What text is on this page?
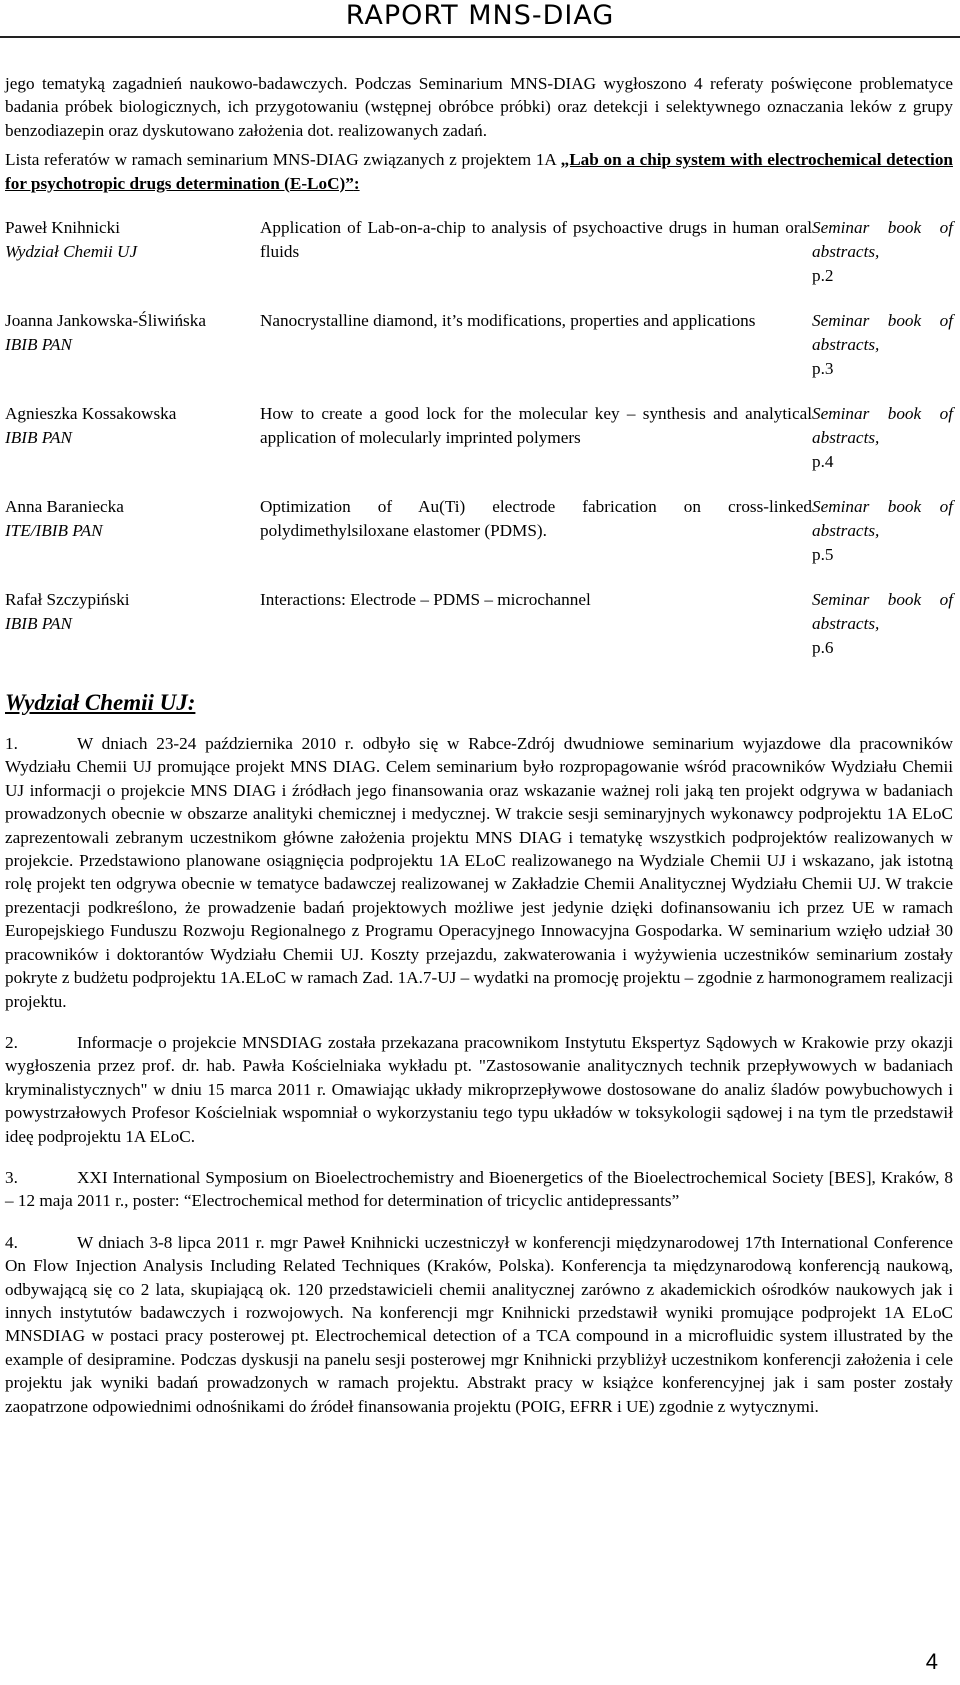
RAPORT MNS-DIAG

jego tematyką zagadnień naukowo-badawczych. Podczas Seminarium MNS-DIAG wygłoszono 4 referaty poświęcone problematyce badania próbek biologicznych, ich przygotowaniu (wstępnej obróbce próbki) oraz detekcji i selektywnego oznaczania leków z grupy benzodiazepin oraz dyskutowano założenia dot. realizowanych zadań.

Lista referatów w ramach seminarium MNS-DIAG związanych z projektem 1A „Lab on a chip system with electrochemical detection for psychotropic drugs determination (E-LoC)”:

Paweł Knihnicki
Wydział Chemii UJ	Application of Lab-on-a-chip to analysis of psychoactive drugs in human oral fluids	Seminar book of abstracts,
p.2

Joanna Jankowska-Śliwińska
IBIB PAN	Nanocrystalline diamond, it’s modifications, properties and applications	Seminar book of abstracts,
p.3

Agnieszka Kossakowska
IBIB PAN	How to create a good lock for the molecular key – synthesis and analytical application of molecularly imprinted polymers	Seminar book of abstracts,
p.4

Anna Baraniecka
ITE/IBIB PAN	Optimization of Au(Ti) electrode fabrication on cross-linked polydimethylsiloxane elastomer (PDMS).	Seminar book of abstracts,
p.5

Rafał Szczypiński
IBIB PAN	Interactions: Electrode – PDMS – microchannel	Seminar book of abstracts,
p.6
Wydział Chemii UJ:

1.	W dniach 23-24 października 2010 r. odbyło się w Rabce-Zdrój dwudniowe seminarium wyjazdowe dla pracowników Wydziału Chemii UJ promujące projekt MNS DIAG. Celem seminarium było rozpropagowanie wśród pracowników Wydziału Chemii UJ informacji o projekcie MNS DIAG i źródłach jego finansowania oraz wskazanie ważnej roli jaką ten projekt odgrywa w badaniach prowadzonych obecnie w obszarze analityki chemicznej i medycznej. W trakcie sesji seminaryjnych wykonawcy podprojektu 1A ELoC zaprezentowali zebranym uczestnikom główne założenia projektu MNS DIAG i tematykę wszystkich podprojektów realizowanych w projekcie. Przedstawiono planowane osiągnięcia podprojektu 1A ELoC realizowanego na Wydziale Chemii UJ i wskazano, jak istotną rolę projekt ten odgrywa obecnie w tematyce badawczej realizowanej w Zakładzie Chemii Analitycznej Wydziału Chemii UJ. W trakcie prezentacji podkreślono, że prowadzenie badań projektowych możliwe jest jedynie dzięki dofinansowaniu ich przez UE w ramach Europejskiego Funduszu Rozwoju Regionalnego z Programu Operacyjnego Innowacyjna Gospodarka. W seminarium wzięło udział 30 pracowników i doktorantów Wydziału Chemii UJ. Koszty przejazdu, zakwaterowania i wyżywienia uczestników seminarium zostały pokryte z budżetu podprojektu 1A.ELoC w ramach Zad. 1A.7-UJ – wydatki na promocję projektu – zgodnie z harmonogramem realizacji projektu.

2.	Informacje o projekcie MNSDIAG została przekazana pracownikom Instytutu Ekspertyz Sądowych w Krakowie przy okazji wygłoszenia przez prof. dr. hab. Pawła Kościelniaka wykładu pt. "Zastosowanie analitycznych technik przepływowych w badaniach kryminalistycznych" w dniu 15 marca 2011 r. Omawiając układy mikroprzepływowe dostosowane do analiz śladów powybuchowych i powystrzałowych Profesor Kościelniak wspomniał o wykorzystaniu tego typu układów w toksykologii sądowej i na tym tle przedstawił ideę podprojektu 1A ELoC.

3.	XXI International Symposium on Bioelectrochemistry and Bioenergetics of the Bioelectrochemical Society [BES], Kraków, 8 – 12 maja 2011 r., poster: “Electrochemical method for determination of tricyclic antidepressants”

4.	W dniach 3-8 lipca 2011 r. mgr Paweł Knihnicki uczestniczył w konferencji międzynarodowej 17th International Conference On Flow Injection Analysis Including Related Techniques (Kraków, Polska). Konferencja ta międzynarodową konferencją naukową, odbywającą się co 2 lata, skupiającą ok. 120 przedstawicieli chemii analitycznej zarówno z akademickich ośrodków naukowych jak i innych instytutów badawczych i rozwojowych. Na konferencji mgr Knihnicki przedstawił wyniki promujące podprojekt 1A ELoC MNSDIAG w postaci pracy posterowej pt. Electrochemical detection of a TCA compound in a microfluidic system illustrated by the example of desipramine. Podczas dyskusji na panelu sesji posterowej mgr Knihnicki przybliżył uczestnikom konferencji założenia i cele projektu jak wyniki badań prowadzonych w ramach projektu. Abstrakt pracy w książce konferencyjnej jak i sam poster zostały zaopatrzone odpowiednimi odnośnikami do źródeł finansowania projektu (POIG, EFRR i UE) zgodnie z wytycznymi.

4
